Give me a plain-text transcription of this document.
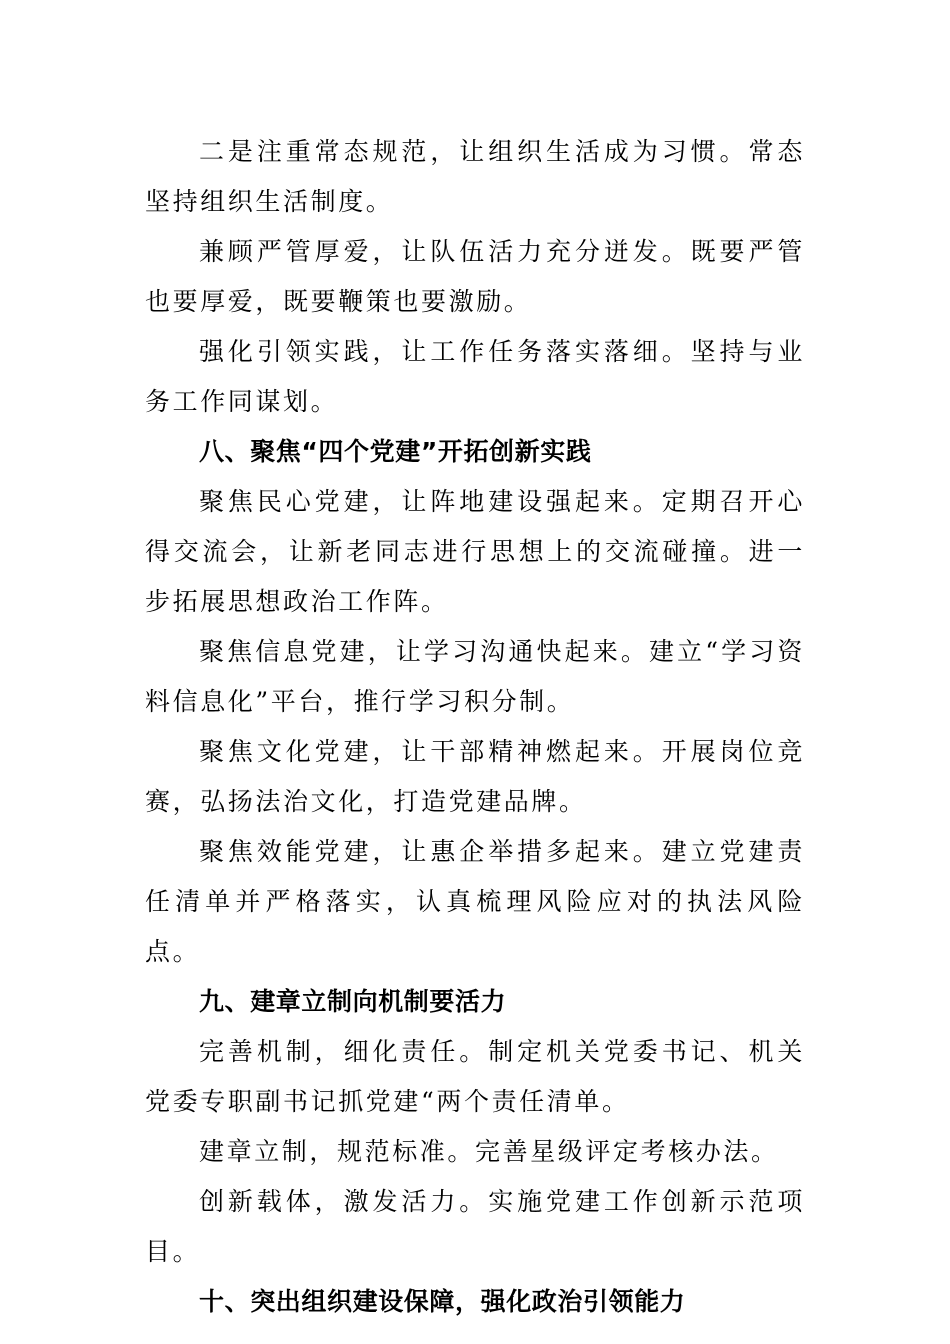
二是注重常态规范，让组织生活成为习惯。常态坚持组织生活制度。

兼顾严管厚爱，让队伍活力充分迸发。既要严管也要厚爱，既要鞭策也要激励。

强化引领实践，让工作任务落实落细。坚持与业务工作同谋划。

八、聚焦“四个党建”开拓创新实践

聚焦民心党建，让阵地建设强起来。定期召开心得交流会，让新老同志进行思想上的交流碰撞。进一步拓展思想政治工作阵。

聚焦信息党建，让学习沟通快起来。建立“学习资料信息化”平台，推行学习积分制。

聚焦文化党建，让干部精神燃起来。开展岗位竞赛，弘扬法治文化，打造党建品牌。

聚焦效能党建，让惠企举措多起来。建立党建责任清单并严格落实，认真梳理风险应对的执法风险点。

九、建章立制向机制要活力

完善机制，细化责任。制定机关党委书记、机关党委专职副书记抓党建“两个责任清单。

建章立制，规范标准。完善星级评定考核办法。

创新载体，激发活力。实施党建工作创新示范项目。

十、突出组织建设保障，强化政治引领能力
